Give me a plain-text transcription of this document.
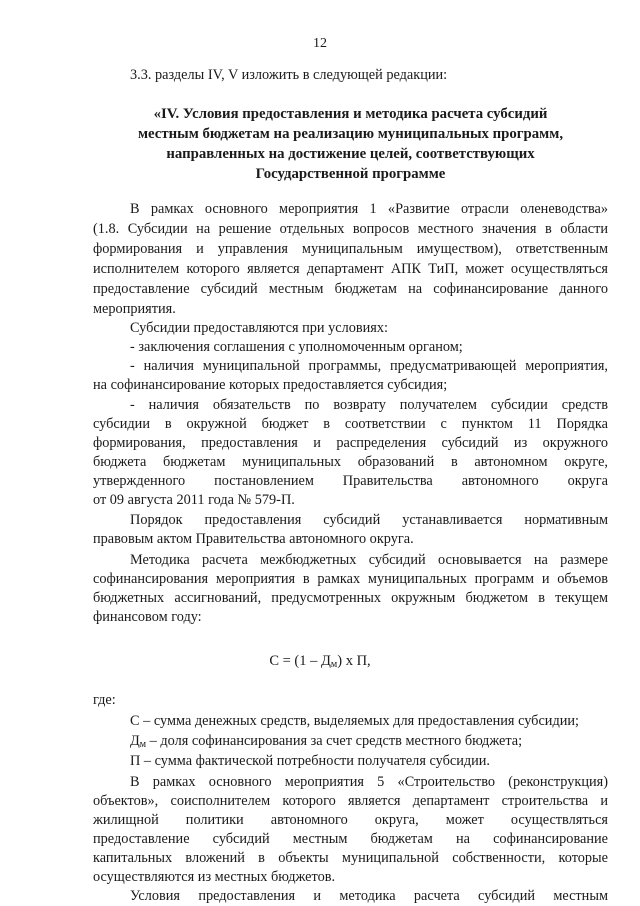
12
3.3. разделы IV, V изложить в следующей редакции:
«IV. Условия предоставления и методика расчета субсидий
местным бюджетам на реализацию муниципальных программ,
направленных на достижение целей, соответствующих
Государственной программе
В рамках основного мероприятия 1 «Развитие отрасли оленеводства»
(1.8. Субсидии на решение отдельных вопросов местного значения в области
формирования и управления муниципальным имуществом), ответственным
исполнителем которого является департамент АПК ТиП, может осуществляться
предоставление субсидий местным бюджетам на софинансирование данного
мероприятия.
Субсидии предоставляются при условиях:
- заключения соглашения с уполномоченным органом;
- наличия муниципальной программы, предусматривающей мероприятия,
на софинансирование которых предоставляется субсидия;
- наличия обязательств по возврату получателем субсидии средств
субсидии в окружной бюджет в соответствии с пунктом 11 Порядка
формирования, предоставления и распределения субсидий из окружного
бюджета бюджетам муниципальных образований в автономном округе,
утвержденного постановлением Правительства автономного округа
от 09 августа 2011 года № 579-П.
Порядок предоставления субсидий устанавливается нормативным
правовым актом Правительства автономного округа.
Методика расчета межбюджетных субсидий основывается на размере
софинансирования мероприятия в рамках муниципальных программ и объемов
бюджетных ассигнований, предусмотренных окружным бюджетом в текущем
финансовом году:
$С = (1 - Д_м)$ х П,
где:
С – сумма денежных средств, выделяемых для предоставления субсидии;
$Д_м$ – доля софинансирования за счет средств местного бюджета;
П – сумма фактической потребности получателя субсидии.
В рамках основного мероприятия 5 «Строительство (реконструкция)
объектов», соисполнителем которого является департамент строительства и
жилищной политики автономного округа, может осуществляться
предоставление субсидий местным бюджетам на софинансирование
капитальных вложений в объекты муниципальной собственности, которые
осуществляются из местных бюджетов.
Условия предоставления и методика расчета субсидий местным
